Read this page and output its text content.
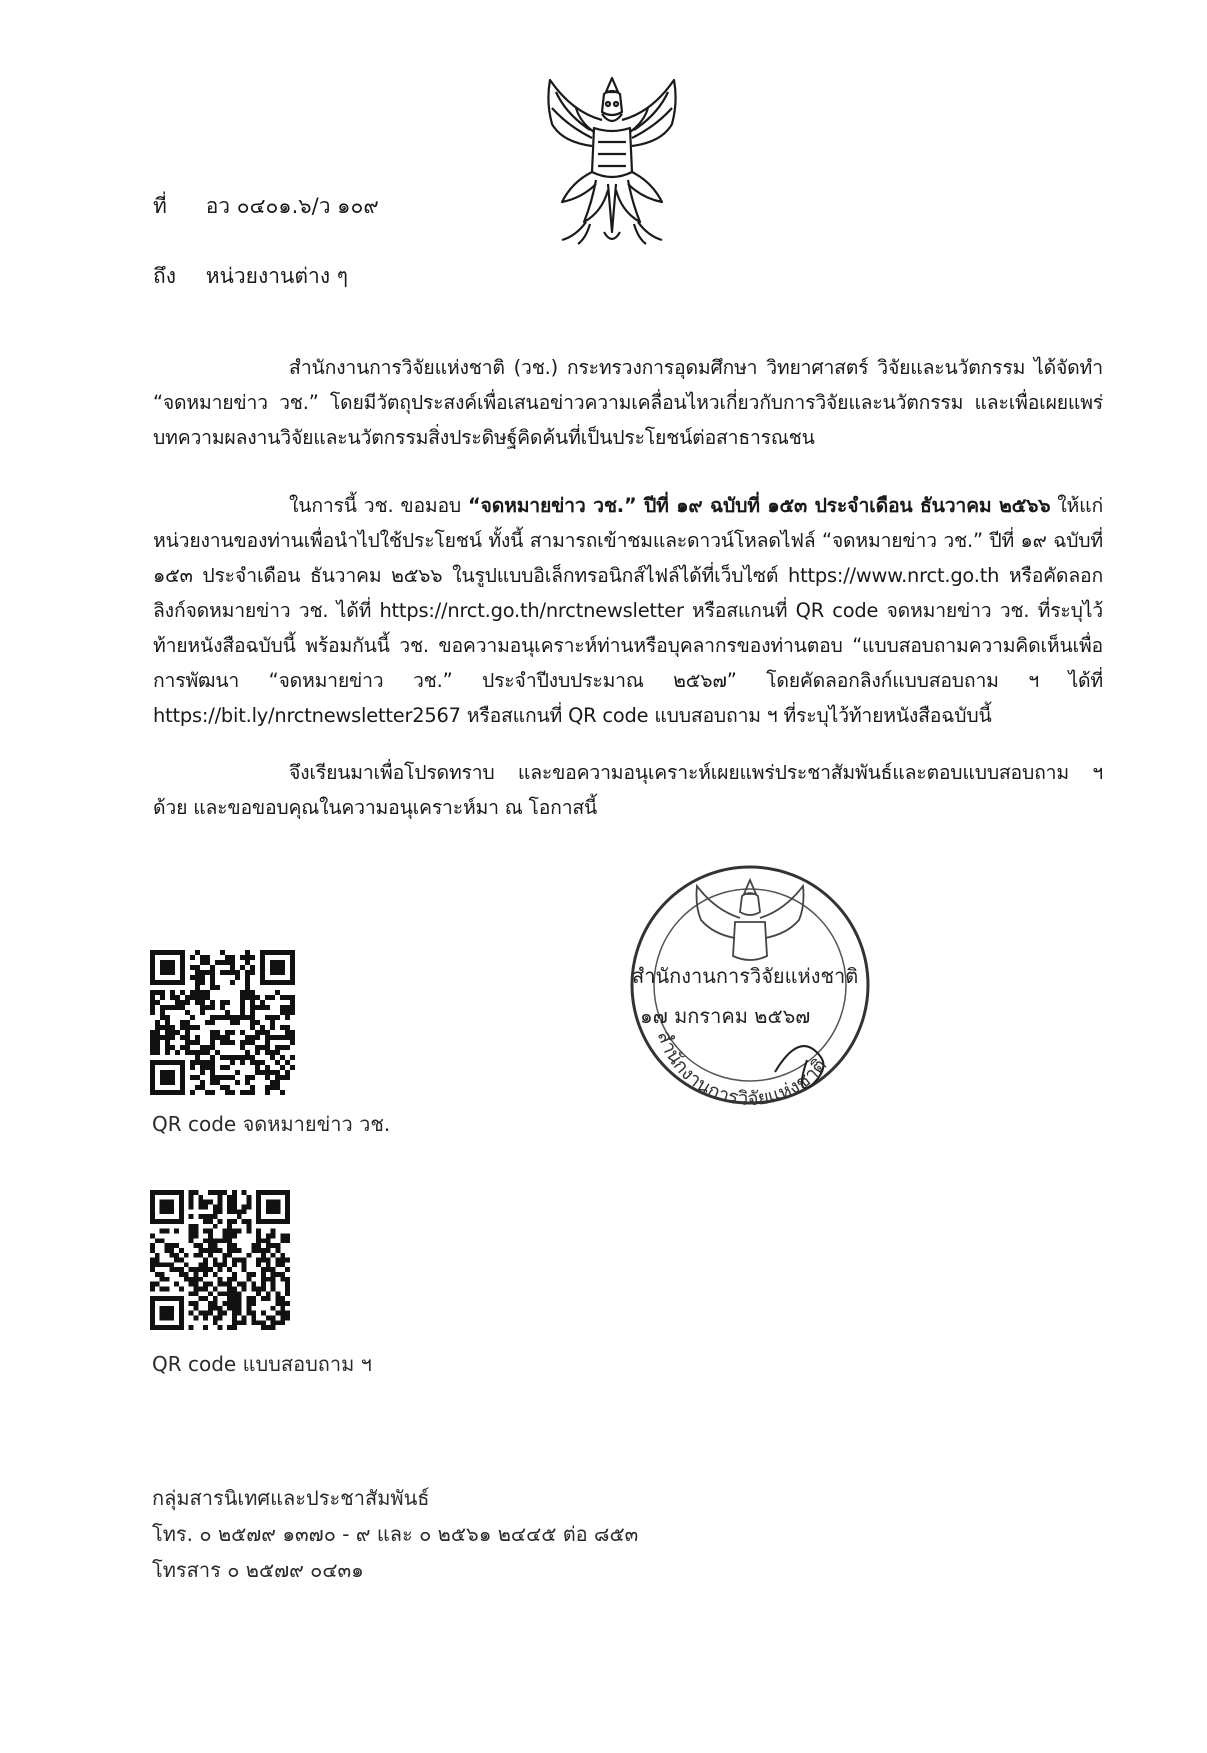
ที่ อว ๐๔๐๑.๖/ว ๑๐๙
ถึง หน่วยงานต่าง ๆ

สำนักงานการวิจัยแห่งชาติ (วช.) กระทรวงการอุดมศึกษา วิทยาศาสตร์ วิจัยและนวัตกรรม ได้จัดทำ “จดหมายข่าว วช.” โดยมีวัตถุประสงค์เพื่อเสนอข่าวความเคลื่อนไหวเกี่ยวกับการวิจัยและนวัตกรรม และเพื่อเผยแพร่บทความผลงานวิจัยและนวัตกรรมสิ่งประดิษฐ์คิดค้นที่เป็นประโยชน์ต่อสาธารณชน

ในการนี้ วช. ขอมอบ “จดหมายข่าว วช.” ปีที่ ๑๙ ฉบับที่ ๑๕๓ ประจำเดือน ธันวาคม ๒๕๖๖ ให้แก่หน่วยงานของท่านเพื่อนำไปใช้ประโยชน์ ทั้งนี้ สามารถเข้าชมและดาวน์โหลดไฟล์ “จดหมายข่าว วช.” ปีที่ ๑๙ ฉบับที่ ๑๕๓ ประจำเดือน ธันวาคม ๒๕๖๖ ในรูปแบบอิเล็กทรอนิกส์ไฟล์ได้ที่เว็บไซต์ https://www.nrct.go.th หรือคัดลอกลิงก์จดหมายข่าว วช. ได้ที่ https://nrct.go.th/nrctnewsletter หรือสแกนที่ QR code จดหมายข่าว วช. ที่ระบุไว้ท้ายหนังสือฉบับนี้ พร้อมกันนี้ วช. ขอความอนุเคราะห์ท่านหรือบุคลากรของท่านตอบ “แบบสอบถามความคิดเห็นเพื่อการพัฒนา “จดหมายข่าว วช.” ประจำปีงบประมาณ ๒๕๖๗” โดยคัดลอกลิงก์แบบสอบถาม ฯ ได้ที่ https://bit.ly/nrctnewsletter2567 หรือสแกนที่ QR code แบบสอบถาม ฯ ที่ระบุไว้ท้ายหนังสือฉบับนี้

จึงเรียนมาเพื่อโปรดทราบ และขอความอนุเคราะห์เผยแพร่ประชาสัมพันธ์และตอบแบบสอบถาม ฯ ด้วย และขอขอบคุณในความอนุเคราะห์มา ณ โอกาสนี้

สำนักงานการวิจัยแห่งชาติ
สำนักงานการวิจัยแห่งชาติ
๑๗ มกราคม ๒๕๖๗
QR code จดหมายข่าว วช.
QR code แบบสอบถาม ฯ
กลุ่มสารนิเทศและประชาสัมพันธ์
โทร. ๐ ๒๕๗๙ ๑๓๗๐ - ๙ และ ๐ ๒๕๖๑ ๒๔๔๕ ต่อ ๘๕๓
โทรสาร ๐ ๒๕๗๙ ๐๔๓๑
